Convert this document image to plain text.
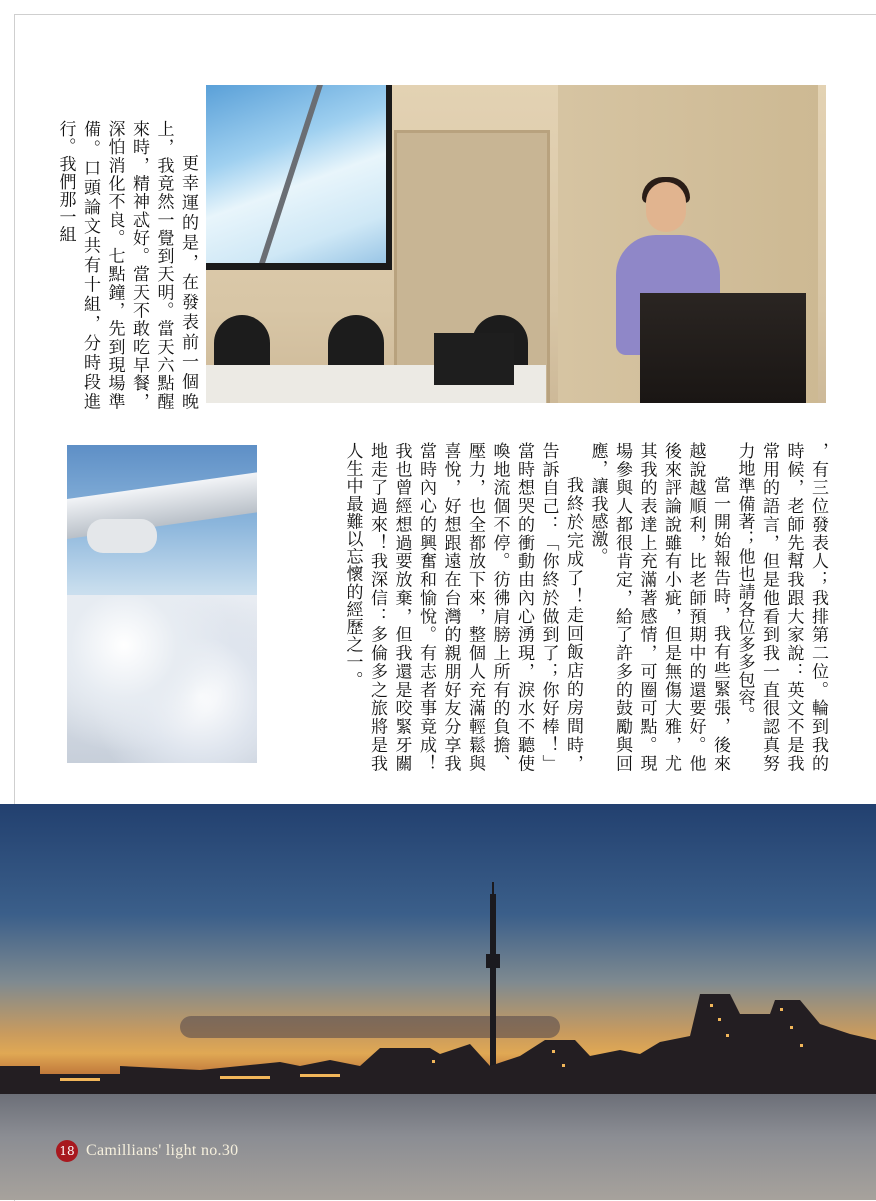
更幸運的是，在發表前一個晚上，我竟然一覺到天明。當天六點醒來時，精神忒好。當天不敢吃早餐，深怕消化不良。七點鐘，先到現場準備。口頭論文共有十組，分時段進行。我們那一組

，有三位發表人；我排第二位。輪到我的時候，老師先幫我跟大家說：英文不是我常用的語言，但是他看到我一直很認真努力地準備著；他也請各位多多包容。

當一開始報告時，我有些緊張，後來越說越順利，比老師預期中的還要好。他後來評論說雖有小疵，但是無傷大雅，尤其我的表達上充滿著感情，可圈可點。現場參與人都很肯定，給了許多的鼓勵與回應，讓我感激。

我終於完成了！走回飯店的房間時，告訴自己：「你終於做到了；你好棒！」當時想哭的衝動由內心湧現，淚水不聽使喚地流個不停。彷彿肩膀上所有的負擔、壓力，也全都放下來，整個人充滿輕鬆與喜悅，好想跟遠在台灣的親朋好友分享我當時內心的興奮和愉悅。有志者事竟成！我也曾經想過要放棄，但我還是咬緊牙關地走了過來！我深信：多倫多之旅將是我人生中最難以忘懷的經歷之一。

18 Camillians' light no.30
